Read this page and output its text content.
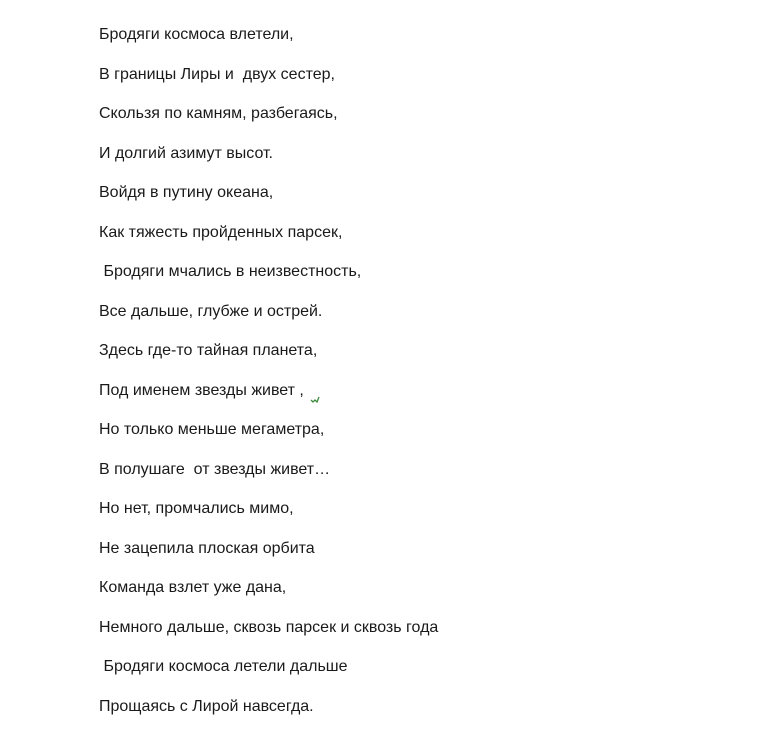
Бродяги космоса влетели,
В границы Лиры и  двух сестер,
Скользя по камням, разбегаясь,
И долгий азимут высот.
Войдя в путину океана,
Как тяжесть пройденных парсек,
Бродяги мчались в неизвестность,
Все дальше, глубже и острей.
Здесь где-то тайная планета,
Под именем звезды живет ,
Но только меньше мегаметра,
В полушаге  от звезды живет…
Но нет, промчались мимо,
Не зацепила плоская орбита
Команда взлет уже дана,
Немного дальше, сквозь парсек и сквозь года
Бродяги космоса летели дальше
Прощаясь с Лирой навсегда.
